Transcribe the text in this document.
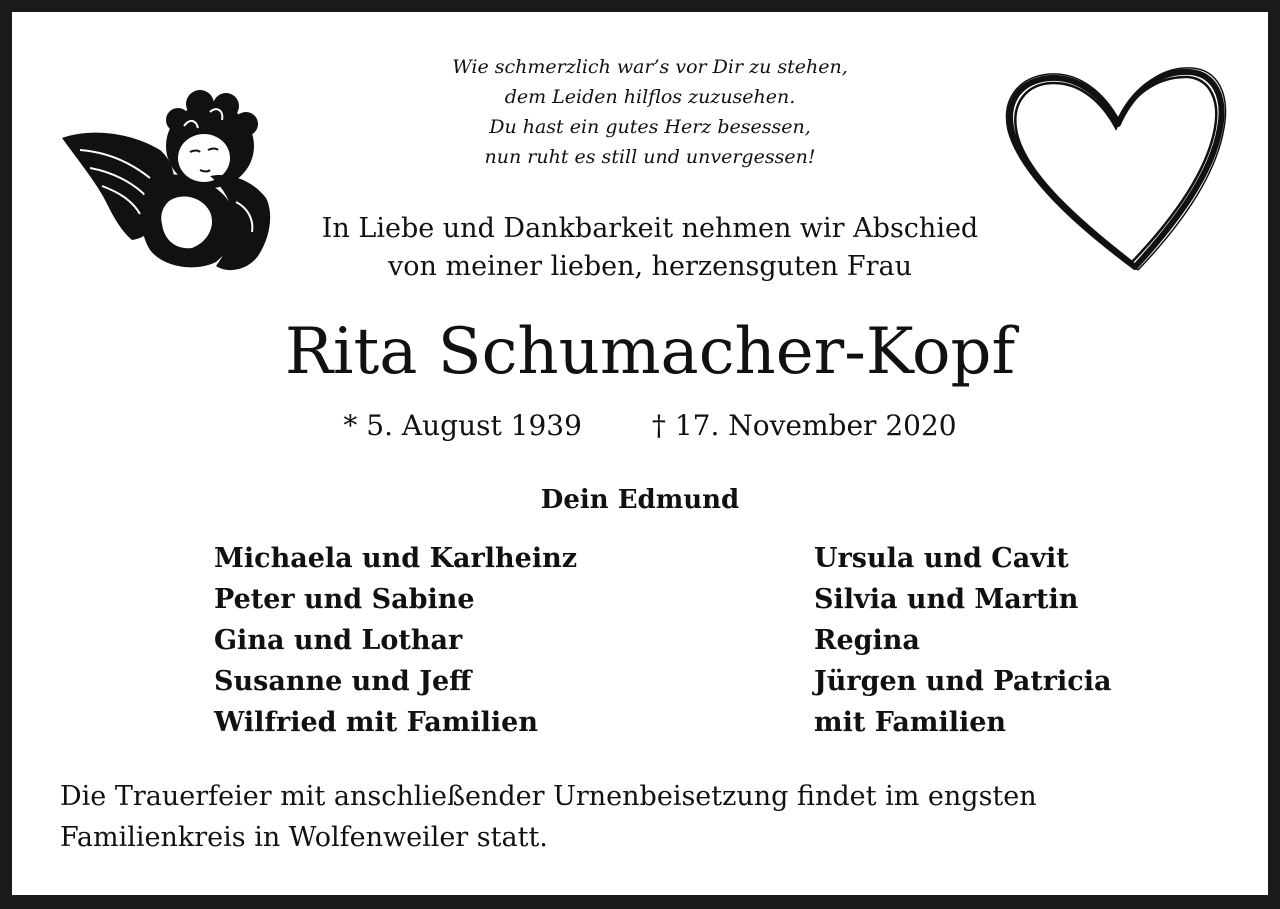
Wie schmerzlich war’s vor Dir zu stehen,
dem Leiden hilflos zuzusehen.
Du hast ein gutes Herz besessen,
nun ruht es still und unvergessen!
In Liebe und Dankbarkeit nehmen wir Abschied
von meiner lieben, herzensguten Frau
Rita Schumacher-Kopf
* 5. August 1939	† 17. November 2020
Dein Edmund
Michaela und Karlheinz
Peter und Sabine
Gina und Lothar
Susanne und Jeff
Wilfried mit Familien
Ursula und Cavit
Silvia und Martin
Regina
Jürgen und Patricia
mit Familien
Die Trauerfeier mit anschließender Urnenbeisetzung findet im engsten Familienkreis in Wolfenweiler statt.
